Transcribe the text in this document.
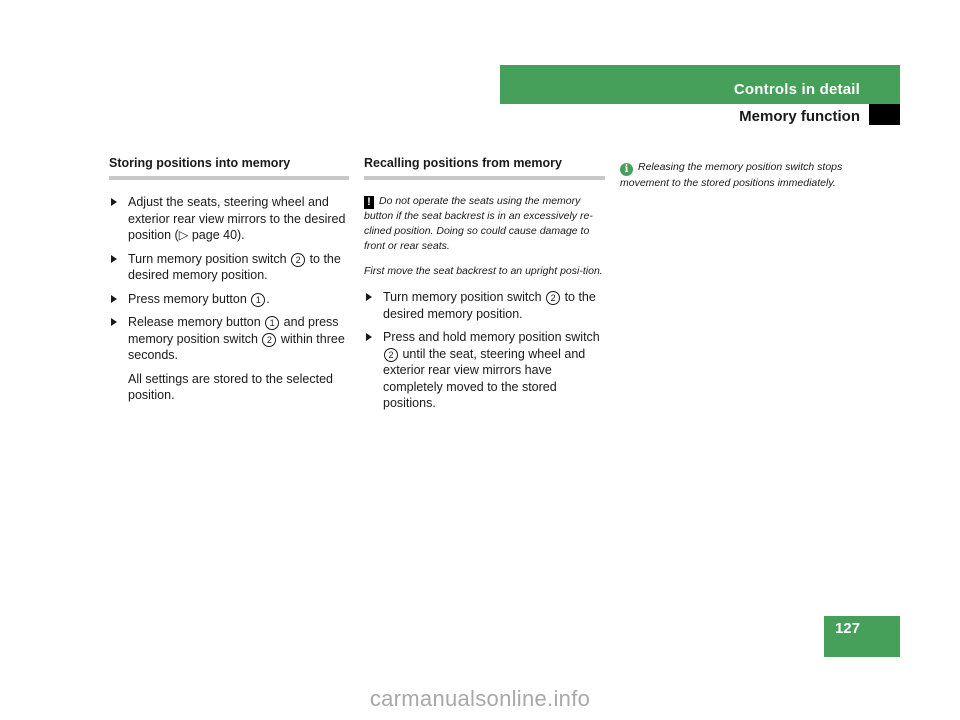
Controls in detail
Memory function
Storing positions into memory
Adjust the seats, steering wheel and exterior rear view mirrors to the desired position (▷ page 40).
Turn memory position switch 2 to the desired memory position.
Press memory button 1 .
Release memory button 1 and press memory position switch 2 within three seconds.
All settings are stored to the selected position.
Recalling positions from memory
! Do not operate the seats using the memory button if the seat backrest is in an excessively re-clined position. Doing so could cause damage to front or rear seats.
First move the seat backrest to an upright posi-tion.
Turn memory position switch 2 to the desired memory position.
Press and hold memory position switch 2 until the seat, steering wheel and exterior rear view mirrors have completely moved to the stored positions.
i Releasing the memory position switch stops movement to the stored positions immediately.
127
carmanualsonline.info
